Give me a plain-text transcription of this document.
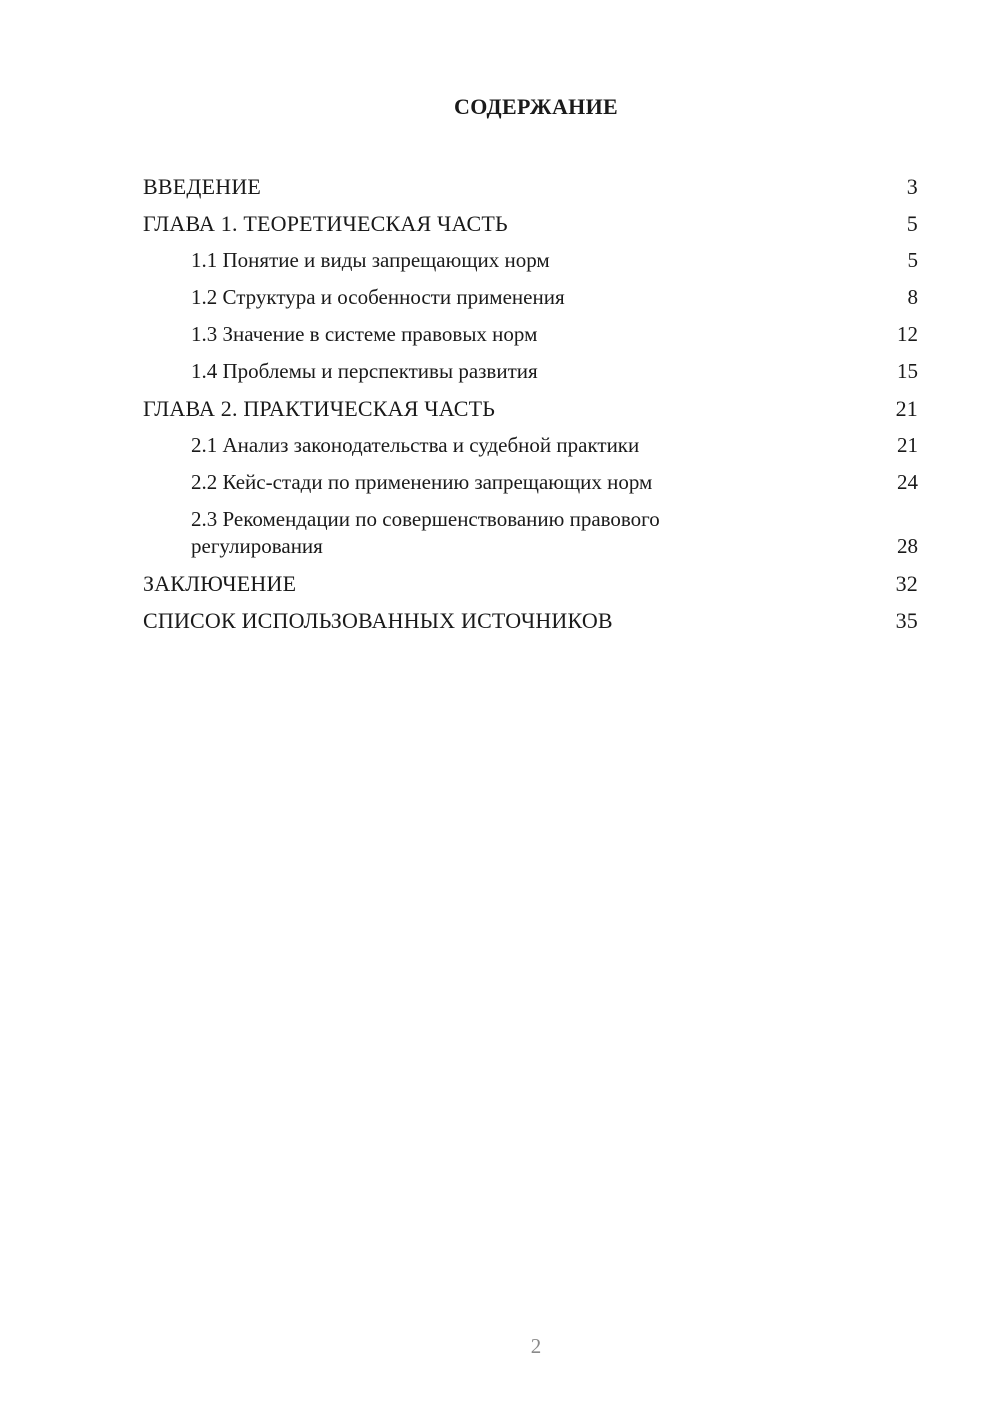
СОДЕРЖАНИЕ
ВВЕДЕНИЕ	3
ГЛАВА 1. ТЕОРЕТИЧЕСКАЯ ЧАСТЬ	5
1.1 Понятие и виды запрещающих норм	5
1.2 Структура и особенности применения	8
1.3 Значение в системе правовых норм	12
1.4 Проблемы и перспективы развития	15
ГЛАВА 2. ПРАКТИЧЕСКАЯ ЧАСТЬ	21
2.1 Анализ законодательства и судебной практики	21
2.2 Кейс-стади по применению запрещающих норм	24
2.3 Рекомендации по совершенствованию правового регулирования	28
ЗАКЛЮЧЕНИЕ	32
СПИСОК ИСПОЛЬЗОВАННЫХ ИСТОЧНИКОВ	35
2
